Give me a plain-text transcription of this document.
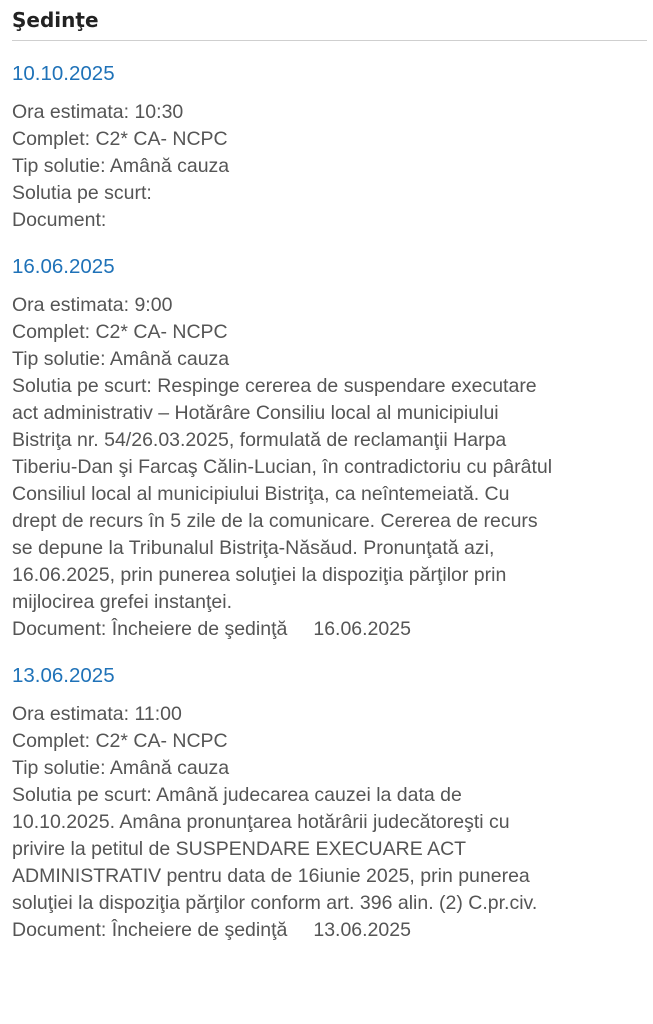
Şedinţe
10.10.2025
Ora estimata: 10:30
Complet: C2* CA- NCPC
Tip solutie: Amână cauza
Solutia pe scurt:
Document:
16.06.2025
Ora estimata: 9:00
Complet: C2* CA- NCPC
Tip solutie: Amână cauza
Solutia pe scurt: Respinge cererea de suspendare executare
act administrativ – Hotărâre Consiliu local al municipiului
Bistriţa nr. 54/26.03.2025, formulată de reclamanţii Harpa
Tiberiu-Dan şi Farcaş Călin-Lucian, în contradictoriu cu pârâtul
Consiliul local al municipiului Bistriţa, ca neîntemeiată. Cu
drept de recurs în 5 zile de la comunicare. Cererea de recurs
se depune la Tribunalul Bistriţa-Năsăud. Pronunţată azi,
16.06.2025, prin punerea soluţiei la dispoziţia părţilor prin
mijlocirea grefei instanţei.
Document: Încheiere de şedinţă 16.06.2025
13.06.2025
Ora estimata: 11:00
Complet: C2* CA- NCPC
Tip solutie: Amână cauza
Solutia pe scurt: Amână judecarea cauzei la data de
10.10.2025. Amâna pronunţarea hotărârii judecătoreşti cu
privire la petitul de SUSPENDARE EXECUARE ACT
ADMINISTRATIV pentru data de 16iunie 2025, prin punerea
soluţiei la dispoziţia părţilor conform art. 396 alin. (2) C.pr.civ.
Document: Încheiere de şedinţă 13.06.2025
